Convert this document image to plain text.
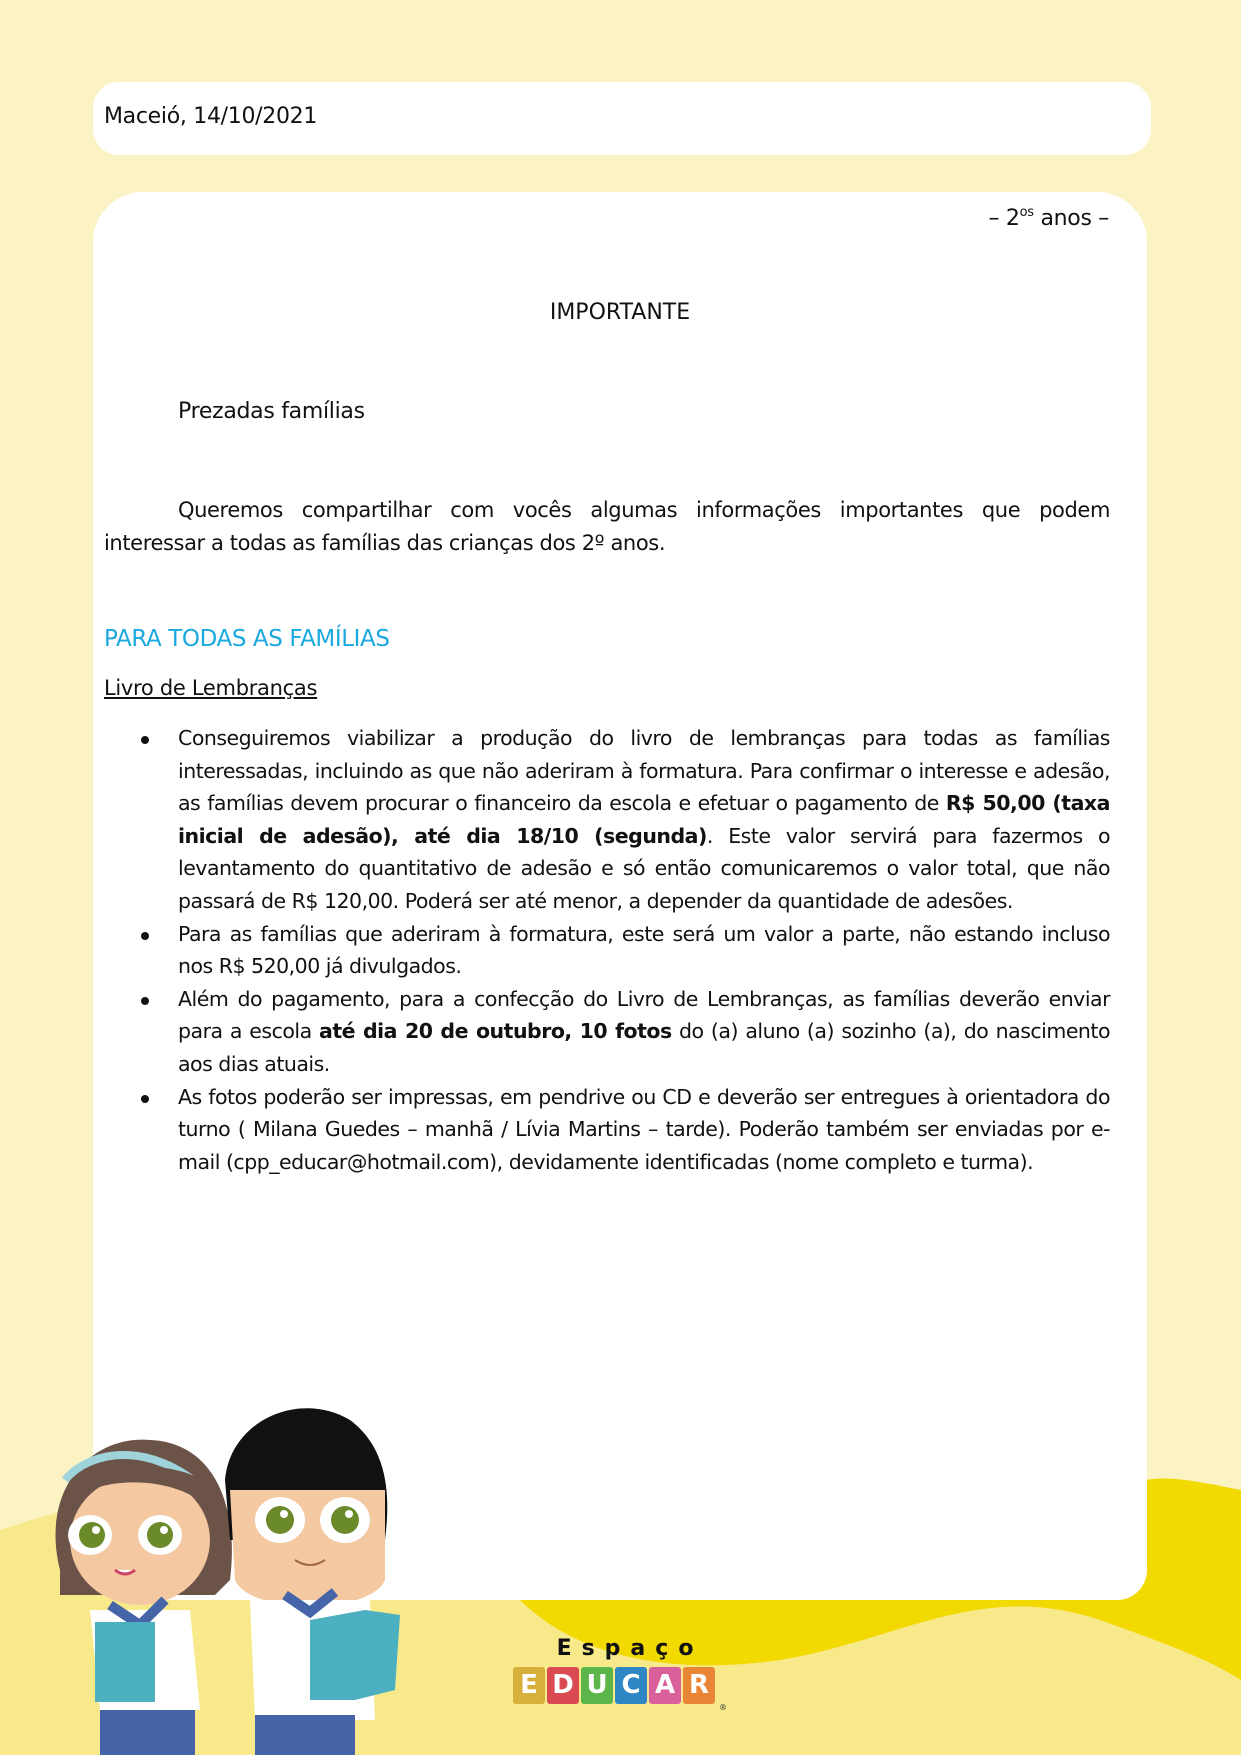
Maceió, 14/10/2021
– $2^{os}$ anos –
IMPORTANTE
Prezadas famílias
Queremos compartilhar com vocês algumas informações importantes que podem interessar a todas as famílias das crianças dos 2º anos.
PARA TODAS AS FAMÍLIAS
Livro de Lembranças
Conseguiremos viabilizar a produção do livro de lembranças para todas as famílias interessadas, incluindo as que não aderiram à formatura. Para confirmar o interesse e adesão, as famílias devem procurar o financeiro da escola e efetuar o pagamento de R$ 50,00 (taxa inicial de adesão), até dia 18/10 (segunda). Este valor servirá para fazermos o levantamento do quantitativo de adesão e só então comunicaremos o valor total, que não passará de R$ 120,00. Poderá ser até menor, a depender da quantidade de adesões.
Para as famílias que aderiram à formatura, este será um valor a parte, não estando incluso nos R$ 520,00 já divulgados.
Além do pagamento, para a confecção do Livro de Lembranças, as famílias deverão enviar para a escola até dia 20 de outubro, 10 fotos do (a) aluno (a) sozinho (a), do nascimento aos dias atuais.
As fotos poderão ser impressas, em pendrive ou CD e deverão ser entregues à orientadora do turno ( Milana Guedes – manhã / Lívia Martins – tarde). Poderão também ser enviadas por e-mail (cpp_educar@hotmail.com), devidamente identificadas (nome completo e turma).
Espaço
E D U C A R
®
